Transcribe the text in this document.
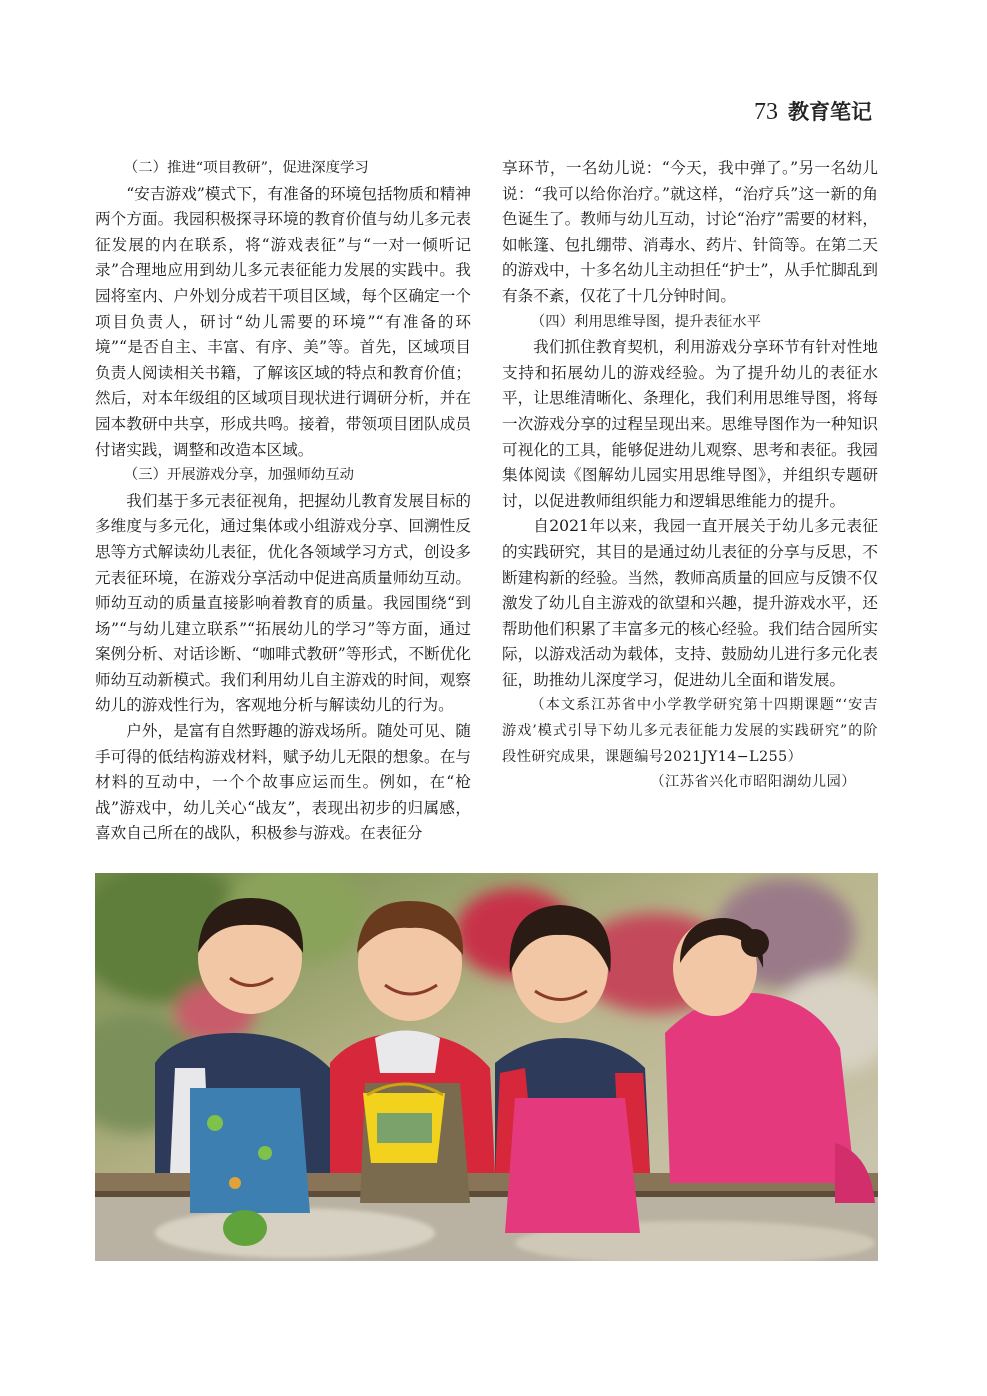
73 教育笔记
（二）推进“项目教研”，促进深度学习

“安吉游戏”模式下，有准备的环境包括物质和精神两个方面。我园积极探寻环境的教育价值与幼儿多元表征发展的内在联系，将“游戏表征”与“一对一倾听记录”合理地应用到幼儿多元表征能力发展的实践中。我园将室内、户外划分成若干项目区域，每个区确定一个项目负责人，研讨“幼儿需要的环境”“有准备的环境”“是否自主、丰富、有序、美”等。首先，区域项目负责人阅读相关书籍，了解该区域的特点和教育价值；然后，对本年级组的区域项目现状进行调研分析，并在园本教研中共享，形成共鸣。接着，带领项目团队成员付诸实践，调整和改造本区域。

（三）开展游戏分享，加强师幼互动

我们基于多元表征视角，把握幼儿教育发展目标的多维度与多元化，通过集体或小组游戏分享、回溯性反思等方式解读幼儿表征，优化各领域学习方式，创设多元表征环境，在游戏分享活动中促进高质量师幼互动。师幼互动的质量直接影响着教育的质量。我园围绕“到场”“与幼儿建立联系”“拓展幼儿的学习”等方面，通过案例分析、对话诊断、“咖啡式教研”等形式，不断优化师幼互动新模式。我们利用幼儿自主游戏的时间，观察幼儿的游戏性行为，客观地分析与解读幼儿的行为。

户外，是富有自然野趣的游戏场所。随处可见、随手可得的低结构游戏材料，赋予幼儿无限的想象。在与材料的互动中，一个个故事应运而生。例如，在“枪战”游戏中，幼儿关心“战友”，表现出初步的归属感，喜欢自己所在的战队，积极参与游戏。在表征分

享环节，一名幼儿说：“今天，我中弹了。”另一名幼儿说：“我可以给你治疗。”就这样，“治疗兵”这一新的角色诞生了。教师与幼儿互动，讨论“治疗”需要的材料，如帐篷、包扎绷带、消毒水、药片、针筒等。在第二天的游戏中，十多名幼儿主动担任“护士”，从手忙脚乱到有条不紊，仅花了十几分钟时间。

（四）利用思维导图，提升表征水平

我们抓住教育契机，利用游戏分享环节有针对性地支持和拓展幼儿的游戏经验。为了提升幼儿的表征水平，让思维清晰化、条理化，我们利用思维导图，将每一次游戏分享的过程呈现出来。思维导图作为一种知识可视化的工具，能够促进幼儿观察、思考和表征。我园集体阅读《图解幼儿园实用思维导图》，并组织专题研讨，以促进教师组织能力和逻辑思维能力的提升。

自2021年以来，我园一直开展关于幼儿多元表征的实践研究，其目的是通过幼儿表征的分享与反思，不断建构新的经验。当然，教师高质量的回应与反馈不仅激发了幼儿自主游戏的欲望和兴趣，提升游戏水平，还帮助他们积累了丰富多元的核心经验。我们结合园所实际，以游戏活动为载体，支持、鼓励幼儿进行多元化表征，助推幼儿深度学习，促进幼儿全面和谐发展。

（本文系江苏省中小学教学研究第十四期课题“‘安吉游戏’模式引导下幼儿多元表征能力发展的实践研究”的阶段性研究成果，课题编号2021JY14−L255）
（江苏省兴化市昭阳湖幼儿园）
